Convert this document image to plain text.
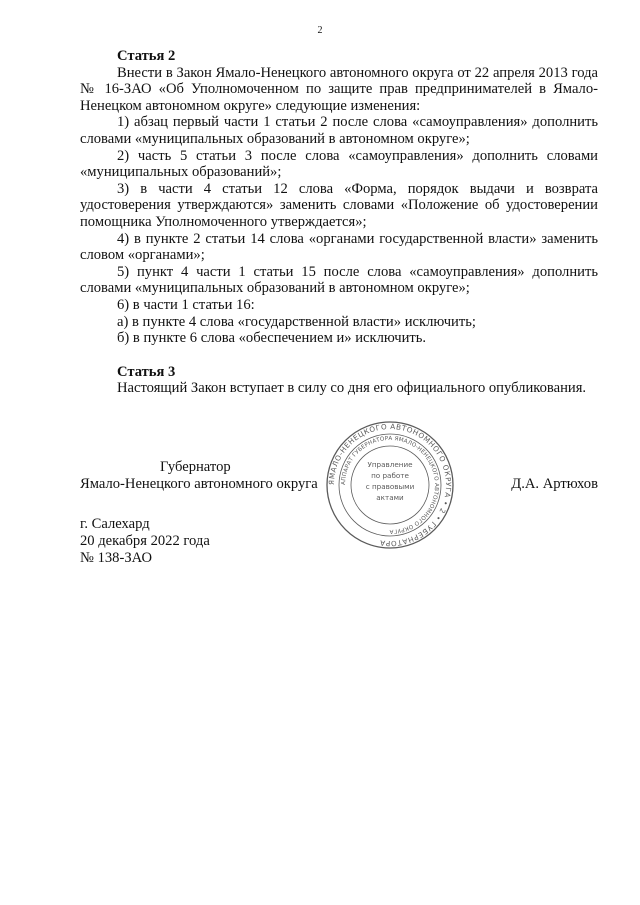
2

Статья 2

Внести в Закон Ямало-Ненецкого автономного округа от 22 апреля 2013 года № 16-ЗАО «Об Уполномоченном по защите прав предпринимателей в Ямало-Ненецком автономном округе» следующие изменения:

1) абзац первый части 1 статьи 2 после слова «самоуправления» дополнить словами «муниципальных образований в автономном округе»;

2) часть 5 статьи 3 после слова «самоуправления» дополнить словами «муниципальных образований»;

3) в части 4 статьи 12 слова «Форма, порядок выдачи и возврата удостоверения утверждаются» заменить словами «Положение об удостоверении помощника Уполномоченного утверждается»;

4) в пункте 2 статьи 14 слова «органами государственной власти» заменить словом «органами»;

5) пункт 4 части 1 статьи 15 после слова «самоуправления» дополнить словами «муниципальных образований в автономном округе»;

6) в части 1 статьи 16:

а) в пункте 4 слова «государственной власти» исключить;

б) в пункте 6 слова «обеспечением и» исключить.

Статья 3

Настоящий Закон вступает в силу со дня его официального опубликования.

Губернатор
Ямало-Ненецкого автономного округа	Д.А. Артюхов
ЯМАЛО-НЕНЕЦКОГО АВТОНОМНОГО ОКРУГА • 2 • ГУБЕРНАТОРА
АППАРАТ ГУБЕРНАТОРА ЯМАЛО-НЕНЕЦКОГО АВТОНОМНОГО ОКРУГА
Управление
по работе
с правовыми
актами
г. Салехард
20 декабря 2022 года
№ 138-ЗАО
